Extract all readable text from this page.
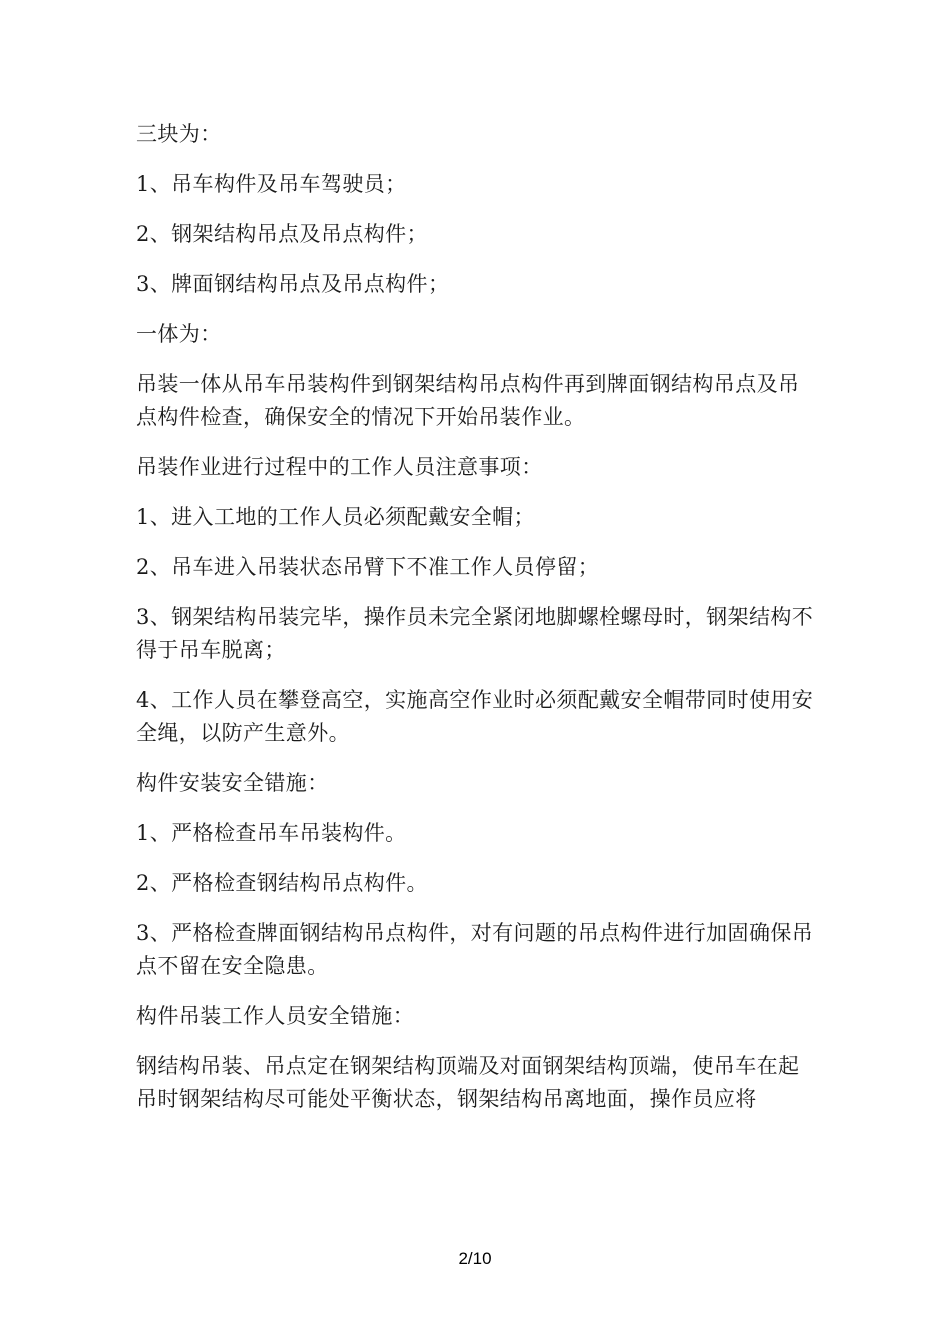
三块为：

1、吊车构件及吊车驾驶员；

2、钢架结构吊点及吊点构件；

3、牌面钢结构吊点及吊点构件；

一体为：

吊装一体从吊车吊装构件到钢架结构吊点构件再到牌面钢结构吊点及吊点构件检查，确保安全的情况下开始吊装作业。

吊装作业进行过程中的工作人员注意事项：

1、进入工地的工作人员必须配戴安全帽；

2、吊车进入吊装状态吊臂下不准工作人员停留；

3、钢架结构吊装完毕，操作员未完全紧闭地脚螺栓螺母时，钢架结构不得于吊车脱离；

4、工作人员在攀登高空，实施高空作业时必须配戴安全帽带同时使用安全绳，以防产生意外。

构件安装安全错施：

1、严格检查吊车吊装构件。

2、严格检查钢结构吊点构件。

3、严格检查牌面钢结构吊点构件，对有问题的吊点构件进行加固确保吊点不留在安全隐患。

构件吊装工作人员安全错施：

钢结构吊装、吊点定在钢架结构顶端及对面钢架结构顶端，使吊车在起吊时钢架结构尽可能处平衡状态，钢架结构吊离地面，操作员应将

2/10
